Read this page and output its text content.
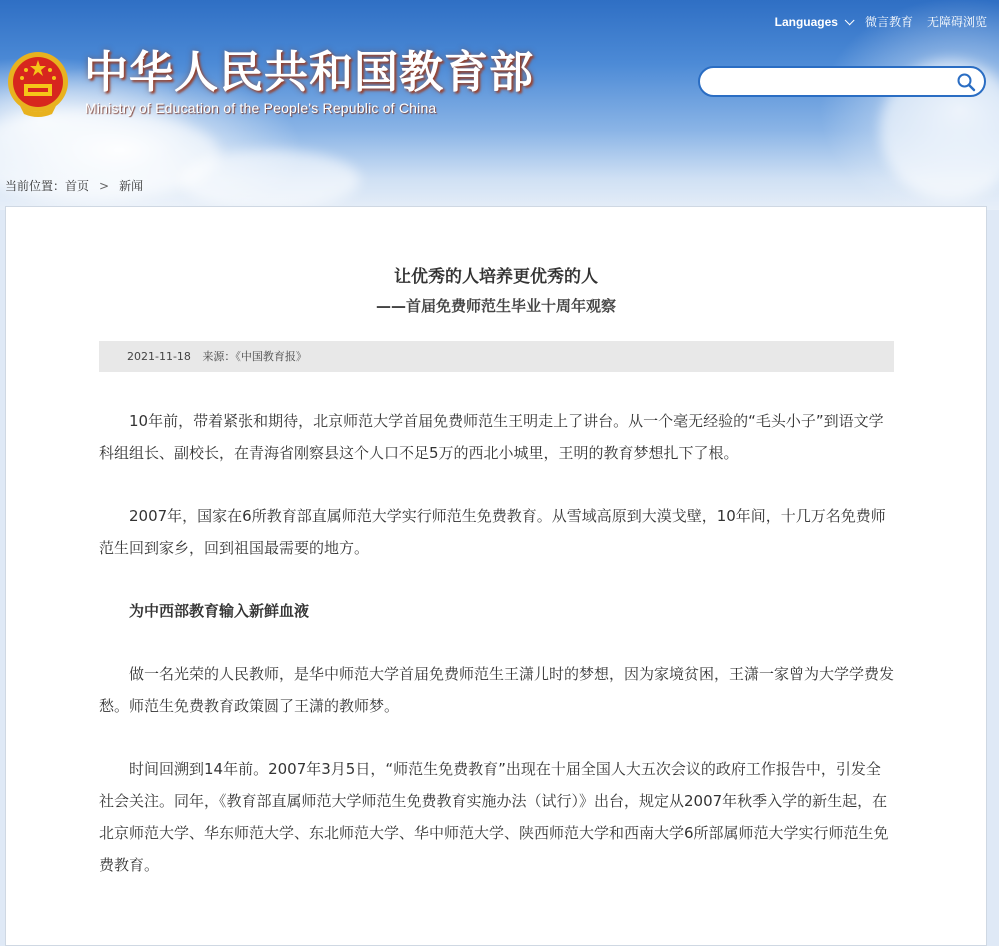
中华人民共和国教育部
Ministry of Education of the People's Republic of China
Languages	微言教育 无障碍浏览
当前位置：首页 > 新闻
让优秀的人培养更优秀的人
——首届免费师范生毕业十周年观察
2021-11-18 来源：《中国教育报》

10年前，带着紧张和期待，北京师范大学首届免费师范生王明走上了讲台。从一个毫无经验的“毛头小子”到语文学科组组长、副校长，在青海省刚察县这个人口不足5万的西北小城里，王明的教育梦想扎下了根。

2007年，国家在6所教育部直属师范大学实行师范生免费教育。从雪域高原到大漠戈壁，10年间，十几万名免费师范生回到家乡，回到祖国最需要的地方。

为中西部教育输入新鲜血液

做一名光荣的人民教师，是华中师范大学首届免费师范生王潇儿时的梦想，因为家境贫困，王潇一家曾为大学学费发愁。师范生免费教育政策圆了王潇的教师梦。

时间回溯到14年前。2007年3月5日，“师范生免费教育”出现在十届全国人大五次会议的政府工作报告中，引发全社会关注。同年，《教育部直属师范大学师范生免费教育实施办法（试行）》出台，规定从2007年秋季入学的新生起，在北京师范大学、华东师范大学、东北师范大学、华中师范大学、陕西师范大学和西南大学6所部属师范大学实行师范生免费教育。
